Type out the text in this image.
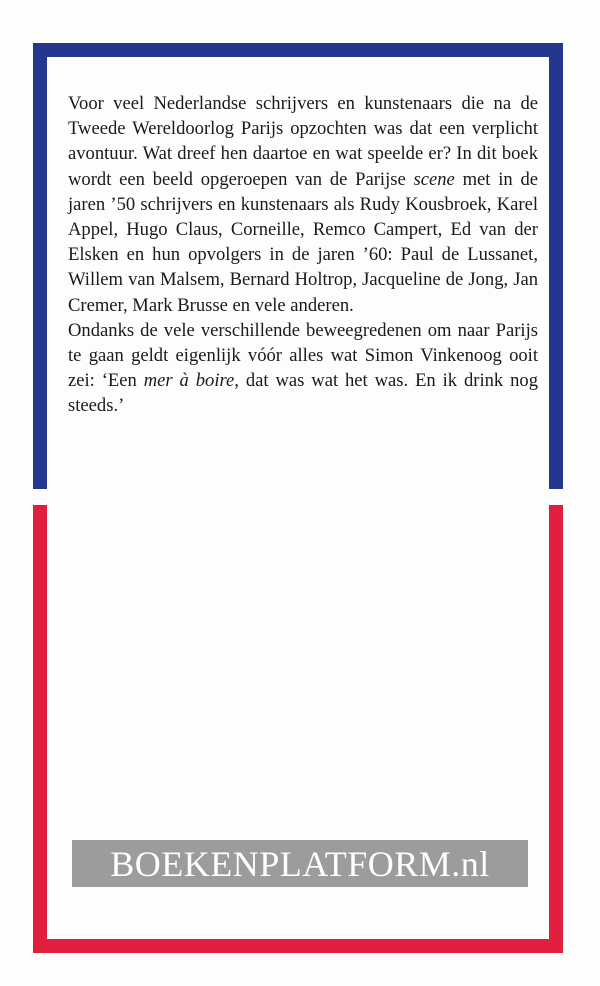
Voor veel Nederlandse schrijvers en kunstenaars die na de Tweede Wereldoorlog Parijs opzochten was dat een verplicht avontuur. Wat dreef hen daartoe en wat speelde er? In dit boek wordt een beeld opgeroepen van de Parijse scene met in de jaren ’50 schrijvers en kunstenaars als Rudy Kousbroek, Karel Appel, Hugo Claus, Corneille, Remco Campert, Ed van der Elsken en hun opvolgers in de jaren ’60: Paul de Lussanet, Willem van Malsem, Bernard Holtrop, Jacqueline de Jong, Jan Cremer, Mark Brusse en vele anderen.

Ondanks de vele verschillende beweegredenen om naar Parijs te gaan geldt eigenlijk vóór alles wat Simon Vinkenoog ooit zei: ‘Een mer à boire, dat was wat het was. En ik drink nog steeds.’

BOEKENPLATFORM.nl
